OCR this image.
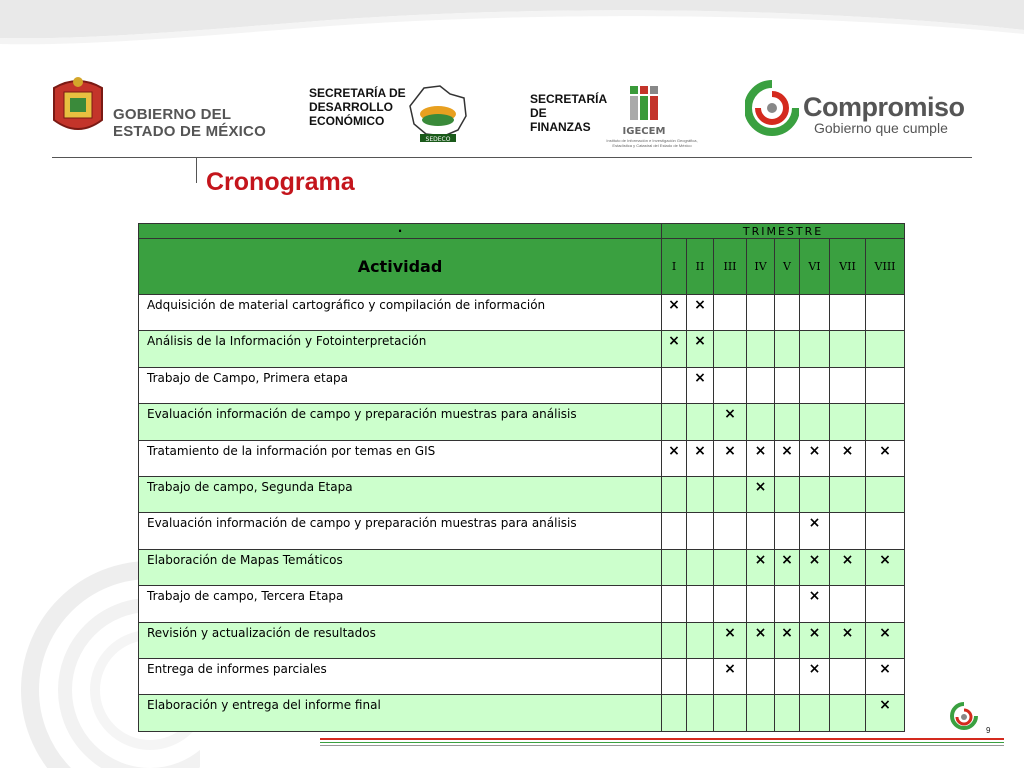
GOBIERNO DEL
ESTADO DE MÉXICO
SECRETARÍA DE
DESARROLLO
ECONÓMICO
SEDECO
SECRETARÍA
DE
FINANZAS	IGECEM
Instituto de Información e Investigación Geográfica, Estadística y Catastral del Estado de México
Compromiso
Gobierno que cumple
Cronograma
·	TRIMESTRE							
Actividad	I	II	III	IV	V	VI	VII	VIII
Adquisición de material cartográfico y compilación de información	×	×						
Análisis de la Información y Fotointerpretación	×	×						
Trabajo de Campo, Primera etapa		×						
Evaluación información de campo y preparación muestras para análisis			×					
Tratamiento de la información por temas en GIS	×	×	×	×	×	×	×	×
Trabajo de campo, Segunda Etapa				×				
Evaluación información de campo y preparación muestras para análisis						×		
Elaboración de Mapas Temáticos				×	×	×	×	×
Trabajo de campo, Tercera Etapa						×		
Revisión y actualización de resultados			×	×	×	×	×	×
Entrega de informes parciales			×			×		×
Elaboración y entrega del informe final								×
9
